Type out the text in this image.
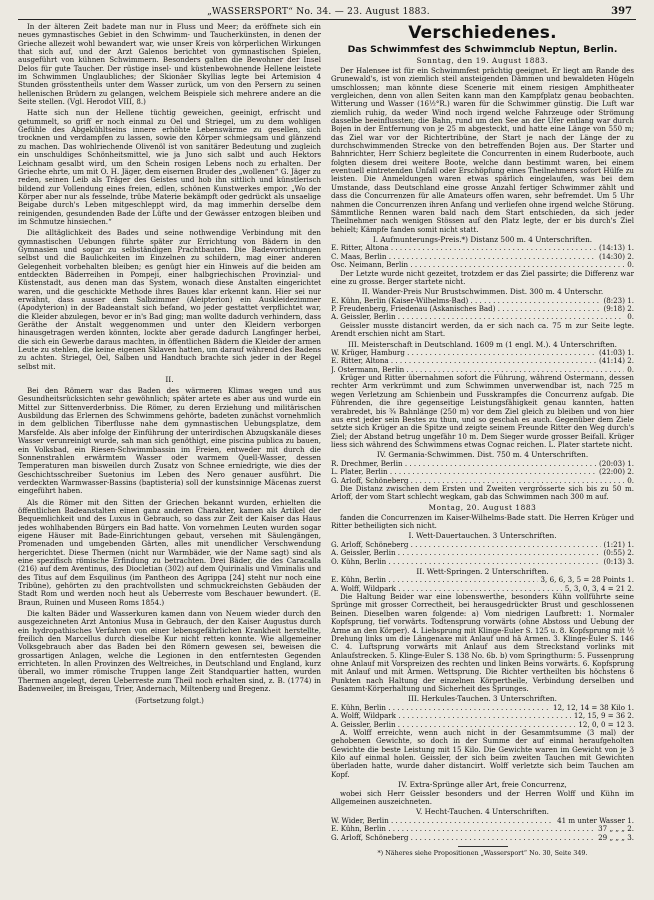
„WASSERSPORT“ No. 34. — 23. August 1883.	397

In der älteren Zeit badete man nur in Fluss und Meer; da eröffnete sich ein neues gymnastisches Gebiet in den Schwimm- und Taucherkünsten, in denen der Grieche allezeit wohl bewandert war, wie unser Kreis von körperlichen Wirkungen that sich auf, und der Arzt Galenos berichtet von gymnastischen Spielen, ausgeführt von kühnen Schwimmern. Besonders galten die Bewohner der Insel Delos für gute Taucher. Der rüstige insel- und küstenbewohnende Hellene leistete im Schwimmen Unglaubliches; der Skionäer Skyllias legte bei Artemision 4 Stunden grösstentheils unter dem Wasser zurück, um von den Persern zu seinen hellenischen Brüdern zu gelangen, welchem Beispiele sich mehrere andere an die Seite stellen. (Vgl. Herodot VIII, 8.)

Hatte sich nun der Hellene tüchtig geweichen, geeinigt, erfrischt und getummelt, so griff er noch einmal zu Oel und Striegel, um zu dem wohligen Gefühle des Abgekühltseins innere erhöhte Lebenswärme zu gesellen, sich trocknen und verdampfen zu lassen, sowie den Körper schmiegsam und glänzend zu machen. Das wohlriechende Olivenöl ist von sanitärer Bedeutung und zugleich ein unschuldiges Schönheitsmittel, wie ja Juno sich salbt und auch Hektors Leichnam gesalbt wird, um den Schein rosigen Lebens noch zu erhalten. Der Grieche ehrte, um mit O. H. Jäger, dem eisernen Bruder des „wollenen“ G. Jäger zu reden, seinen Leib als Träger des Geistes und hob ihn sittlich und künstlerisch bildend zur Vollendung eines freien, edlen, schönen Kunstwerkes empor. „Wo der Körper aber nur als fesselnde, trübe Materie bekämpft oder gedrückt als unsaelige Beigabe durch's Leben mitgeschleppt wird, da mag immerhin derselbe dem reinigenden, gesundenden Bade der Lüfte und der Gewässer entzogen bleiben und im Schmutze hinsiechen.“

Die alltäglichkeit des Bades und seine nothwendige Verbindung mit den gymnastischen Uebungen führte später zur Errichtung von Bädern in den Gymnasien und sogar zu selbständigen Prachtbauten. Die Badevorrichtungen selbst und die Baulichkeiten im Einzelnen zu schildern, mag einer anderen Gelegenheit vorbehalten bleiben; es genügt hier ein Hinweis auf die beiden am entdeckten Bäderreihen in Pompeji, einer halbgriechischen Provinzial- und Küstenstadt, aus denen man das System, wonach diese Anstalten eingerichtet waren, und die geschickte Methode ihres Baues klar erkennt kann. Hier sei nur erwähnt, dass ausser dem Salbzimmer (Aleipterion) ein Auskleidezimmer (Apodyterion) in der Badeanstalt sich befand, wo jeder gestattet verpflichtet war, die Kleider abzulegen, bevor er in's Bad ging; man wollte dadurch verhindern, dass Geräthe der Anstalt weggenommen und unter den Kleidern verborgen hinausgetragen werden könnten, lockte aber gerade dadurch Langfinger herbei, die sich ein Gewerbe daraus machten, in öffentlichen Bädern die Kleider der armen Leute zu stehlen, die keine eigenen Sklaven hatten, um darauf während des Badens zu achten. Striegel, Oel, Salben und Handtuch brachte sich jeder in der Regel selbst mit.

II.

Bei den Römern war das Baden des wärmeren Klimas wegen und aus Gesundheitsrücksichten sehr gewöhnlich; später artete es aber aus und wurde ein Mittel zur Sittenverderbniss. Die Römer, zu deren Erziehung und militärischen Ausbildung das Erlernen des Schwimmens gehörte, badeten zunächst vornehmlich in dem gelblichen Tiberflusse nahe dem gymnastischen Uebungsplatze, dem Marsfelde. Als aber infolge der Einführung der unterirdischen Abzugskanäle dieses Wasser verunreinigt wurde, sah man sich genöthigt, eine piscina publica zu bauen, ein Volksbad, ein Riesen-Schwimmbassin im Freien, entweder mit durch die Sonnenstrahlen erwärmtem Wasser oder warmem Quell-Wasser, dessen Temperaturen man bisweilen durch Zusatz von Schnee erniedrigte, wie dies der Geschichtsschreiber Suetonius im Leben des Nero genauer ausführt. Die verdeckten Warmwasser-Bassins (baptisteria) soll der kunstsinnige Mäcenas zuerst eingeführt haben.

Als die Römer mit den Sitten der Griechen bekannt wurden, erhielten die öffentlichen Badeanstalten einen ganz anderen Charakter, kamen als Artikel der Bequemlichkeit und des Luxus in Gebrauch, so dass zur Zeit der Kaiser das Haus jedes wohlhabenden Bürgers ein Bad hatte. Von vornehmen Leuten wurden sogar eigene Häuser mit Bade-Einrichtungen gebaut, versehen mit Säulengängen, Promenaden und umgebenden Gärten, alles mit unendlicher Verschwendung hergerichtet. Diese Thermen (nicht nur Warmbäder, wie der Name sagt) sind als eine spezifisch römische Erfindung zu betrachten. Drei Bäder, die des Caracalla (216) auf dem Aventinus, des Diocletian (302) auf dem Quirinalis und Viminalis und des Titus auf dem Esquilinus (im Pantheon des Agrippa [24] steht nur noch eine Tribüne), gehörten zu den prachtvollsten und schmuckreichsten Gebäuden der Stadt Rom und werden noch heut als Ueberreste vom Beschauer bewundert. (E. Braun, Ruinen und Museen Roms 1854.)

Die kalten Bäder und Wasserkuren kamen dann von Neuem wieder durch den ausgezeichneten Arzt Antonius Musa in Gebrauch, der den Kaiser Augustus durch ein hydropathisches Verfahren von einer lebensgefährlichen Krankheit herstellte, freilich den Marcellus durch dieselbe Kur nicht retten konnte. Wie allgemeiner Volksgebrauch aber das Baden bei den Römern gewesen sei, beweisen die grossartigen Anlagen, welche die Legionen in den entferntesten Gegenden errichteten. In allen Provinzen des Weltreiches, in Deutschland und England, kurz überall, wo immer römische Truppen lange Zeit Standquartier hatten, wurden Thermen angelegt, deren Ueberreste zum Theil noch erhalten sind, z. B. (1774) in Badenweiler, im Breisgau, Trier, Andernach, Miltenberg und Bregenz.

(Fortsetzung folgt.)
Verschiedenes.
Das Schwimmfest des Schwimmclub Neptun, Berlin.
Sonntag, den 19. August 1883.

Der Halensee ist für ein Schwimmfest prächtig geeignet. Er liegt am Rande des Grunewald's, ist von ziemlich steil ansteigenden Dämmen und bewaldeten Hügeln umschlossen; man könnte diese Scenerie mit einem riesigen Amphitheater vergleichen, denn von allen Seiten kann man den Kampfplatz genau beobachten. Witterung und Wasser (16½°R.) waren für die Schwimmer günstig. Die Luft war ziemlich ruhig, da weder Wind noch irgend welche Fahrzeuge oder Strömung dasselbe beeinflussten; die Bahn, rund um den See an der Ufer entlang war durch Bojen in der Entfernung von je 25 m abgesteckt, und hatte eine Länge von 550 m; das Ziel war vor der Richtertribüne, der Start je nach der Länge der zu durchschwimmenden Strecke von den betreffenden Bojen aus. Der Starter und Bahnrichter, Herr Schierz begleitete die Concurrenten in einem Ruderboote, auch folgten diesem drei weitere Boote, welche dann bestimmt waren, bei einem eventuell eintretenden Unfall oder Erschöpfung eines Theilnehmers sofort Hülfe zu leisten. Die Anmeldungen waren etwas spärlich eingelaufen, was bei dem Umstande, dass Deutschland eine grosse Anzahl fertiger Schwimmer zählt und dass die Concurrenzen für alle Amateurs offen waren, sehr befremdet. Um 5 Uhr nahmen die Concurrenzen ihren Anfang und verliefen ohne irgend welche Störung. Sämmtliche Rennen waren bald nach dem Start entschieden, da sich jeder Theilnehmer nach wenigen Stössen auf den Platz legte, der er bis durch's Ziel behielt; Kämpfe fanden somit nicht statt.

I. Aufmunterungs-Preis.*) Distanz 500 m. 4 Unterschriften.
E. Ritter, Altona . . .	(14:13) 1.
C. Maas, Berlin . . .	(14:30) 2.
Osc. Neimann, Berlin . . .	0.

Der Letzte wurde nicht gezeitet, trotzdem er das Ziel passirte; die Differenz war eine zu grosse. Berger startete nicht.

II. Wander-Preis Nur Brustschwimmen. Dist. 300 m. 4 Unterschr.
E. Kühn, Berlin (Kaiser-Wilhelms-Bad) . . .	(8:23) 1.
P. Freudenberg, Friedenau (Askanisches Bad) . . .	(9:18) 2.
A. Geissler, Berlin . . .	0.

Geissler musste distancirt werden, da er sich nach ca. 75 m zur Seite legte. Arendt erschien nicht am Start.

III. Meisterschaft in Deutschland. 1609 m (1 engl. M.). 4 Unterschriften.
W. Krüger, Hamburg . . .	(41:03) 1.
E. Ritter, Altona . . .	(41:14) 2.
J. Ostermann, Berlin . . .	0.

Krüger und Ritter übernahmen sofort die Führung, während Ostermann, dessen rechter Arm verkrümmt und zum Schwimmen unverwendbar ist, nach 725 m wegen Verletzung am Schienbein und Fusskrampfes die Concurrenz aufgab. Die Führenden, die ihre gegenseitige Leistungsfähigkeit genau kannten, hatten verabredet, bis ¾ Bahnlänge (250 m) vor dem Ziel gleich zu bleiben und von hier aus erst jeder sein Bestes zu thun, und so geschah es auch. Gegenüber dem Ziele setzte sich Krüger an die Spitze und zeigte seinem Freunde Ritter den Weg durch's Ziel; der Abstand betrug ungefähr 10 m. Dem Sieger wurde grosser Beifall. Krüger liess sich während des Schwimmens etwas Cognac reichen. L. Plater startete nicht.

IV. Germania-Schwimmen. Dist. 750 m. 4 Unterschriften.
R. Drechmer, Berlin . . .	(20:03) 1.
L. Plater, Berlin . . .	(22:00) 2.
G. Arloff, Schöneberg . . .	0.

Die Distanz zwischen dem Ersten und Zweiten vergrösserte sich bis zu 50 m. Arloff, der vom Start schlecht wegkam, gab das Schwimmen nach 300 m auf.

Montag, 20. August 1883

fanden die Concurrenzen im Kaiser-Wilhelms-Bade statt. Die Herren Krüger und Ritter betheiligten sich nicht.

I. Wett-Dauertauchen. 3 Unterschriften.
G. Arloff, Schöneberg . . .	(1:21) 1.
A. Geissler, Berlin . . .	(0:55) 2.
O. Kühn, Berlin . . .	(0:13) 3.
II. Wett-Springen. 2 Unterschriften.
E. Kühn, Berlin . . .	3, 6, 6, 3, 5 = 28 Points 1.
A. Wolff, Wildpark . . .	5, 3, 0, 3, 4 = 21 2.

Die Haltung Beider war eine lobenswerthe, besonders Kühn vollführte seine Sprünge mit grosser Correctheit, bei herausgedrückter Brust und geschlossenen Beinen. Dieselben waren folgende: a) Vom niedrigen Laufbrett: 1. Normaler Kopfsprung, tief vorwärts. Todtensprung vorwärts (ohne Abstoss und Uebung der Arme an den Körper). 4. Liebsprung mit Klinge-Euler S. 125 u. 8. Kopfsprung mit ½ Drehung links um die Längenaxe mit Anlauf und hä Armen. 3. Klinge-Euler S. 146 C. 4. Luftsprung vorwärts mit Anlauf aus dem Streckstand vorlinks mit Anlaufstrecken. 5. Klinge-Euler S. 138 No. 6b. b) vom Springthurm: 5. Fussenprung ohne Anlauf mit Vorspreizen des rechten und linken Beins vorwärts. 6. Kopfsprung mit Anlauf und mit Armen. Wettsprung. Die Richter vertheilten bis höchstens 6 Punkten nach Haltung der einzelnen Körpertheile, Verbindung derselben und Gesammt-Körperhaltung und Sicherheit des Sprunges.

III. Herkules-Tauchen. 3 Unterschriften.
E. Kühn, Berlin . . .	12, 12, 14 = 38 Kilo 1.
A. Wolff, Wildpark . . .	12, 15, 9 = 36 2.
A. Geissler, Berlin . . .	12, 0, 0 = 12 3.

A. Wolff erreichte, wenn auch nicht in der Gesammtsumme (3 mal) der gehobenen Gewichte, so doch in der Summe der auf einmal heraufgeholten Gewichte die beste Leistung mit 15 Kilo. Die Gewichte waren im Gewicht von je 3 Kilo auf einmal holen. Geissler, der sich beim zweiten Tauchen mit Gewichten überladen hatte, wurde daher distancirt. Wolff verletzte sich beim Tauchen am Kopf.

IV. Extra-Sprünge aller Art, freie Concurrenz,

wobei sich Herr Geissler besonders und der Herren Wolff und Kühn im Allgemeinen auszeichneten.

V. Hecht-Tauchen. 4 Unterschriften.
W. Wider, Berlin . . .	41 m unter Wasser 1.
E. Kühn, Berlin . . .	37 „ „ „ 2.
G. Arloff, Schöneberg . . .	29 „ „ „ 3.
*) Näheres siehe Propositionen „Wassersport“ No. 30, Seite 349.
